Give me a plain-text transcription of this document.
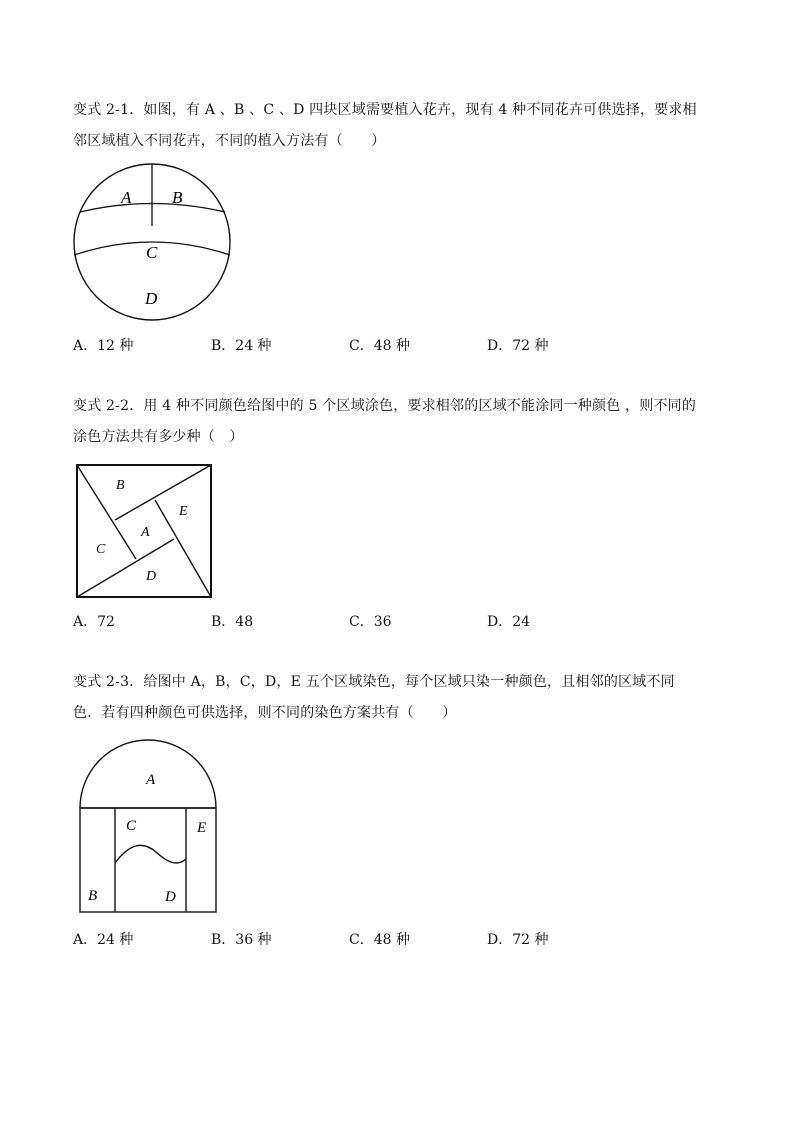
变式 2-1．如图，有 A 、B 、C 、D 四块区域需要植入花卉，现有 4 种不同花卉可供选择，要求相

邻区域植入不同花卉，不同的植入方法有（　　）

A B
C
D
A．12 种	B．24 种	C．48 种	D．72 种

变式 2-2．用 4 种不同颜色给图中的 5 个区域涂色，要求相邻的区域不能涂同一种颜色 ，则不同的

涂色方法共有多少种（　）

B
E
A
C
D
A．72	B．48	C．36	D．24

变式 2-3．给图中 A，B，C，D，E 五个区域染色，每个区域只染一种颜色，且相邻的区域不同

色．若有四种颜色可供选择，则不同的染色方案共有（　　）

A
C	E
B	D
A．24 种	B．36 种	C．48 种	D．72 种
